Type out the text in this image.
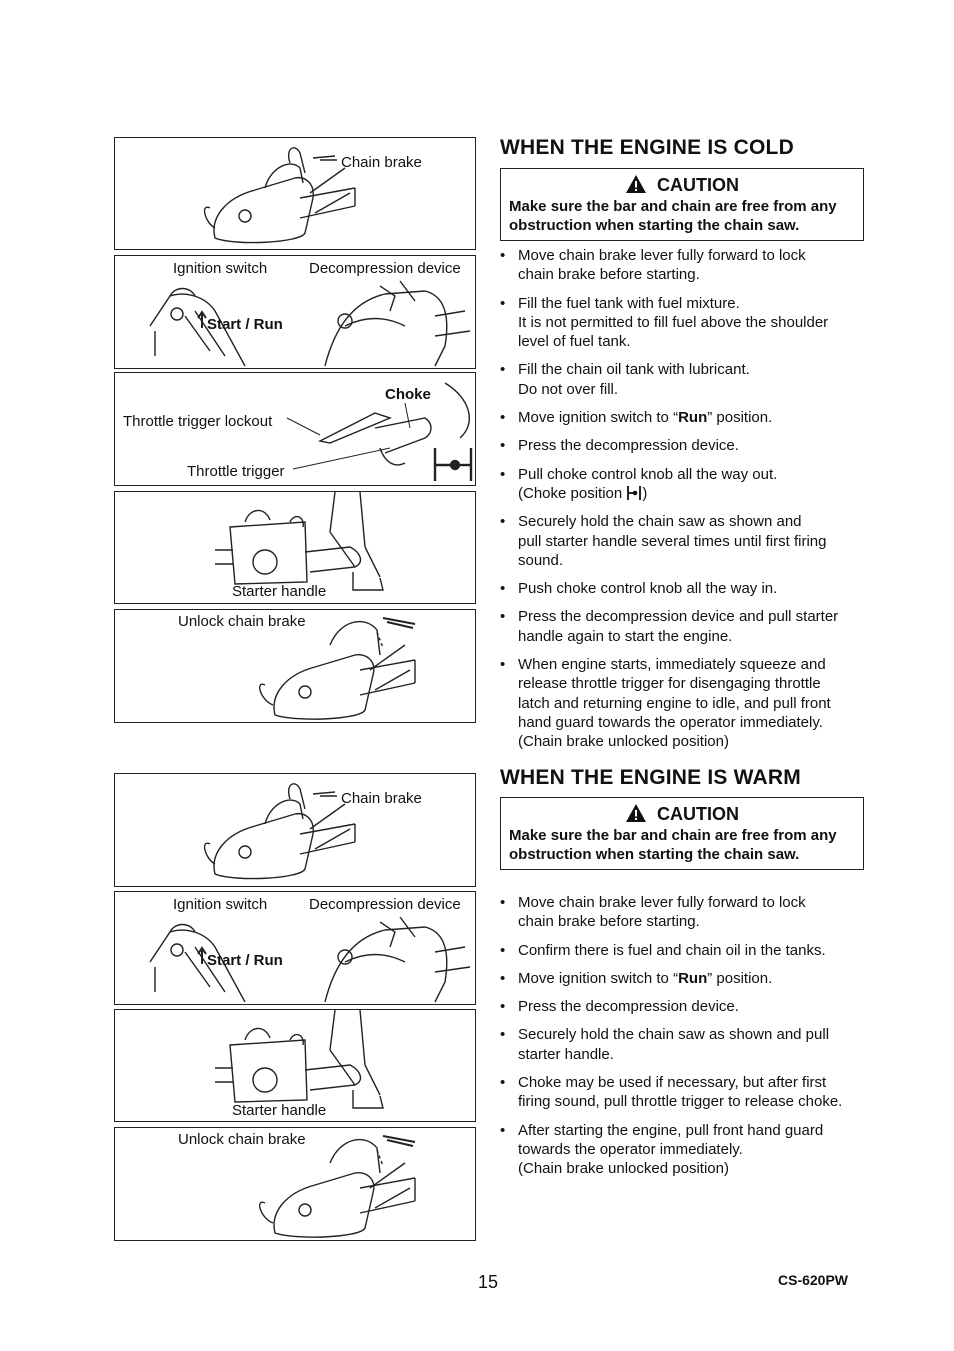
Chain brake
Ignition switch	Decompression device
Start / Run
Choke
Throttle trigger lockout
Throttle trigger
Starter handle
Unlock chain brake
Chain brake
Ignition switch	Decompression device
Start / Run
Starter handle
Unlock chain brake
WHEN THE ENGINE IS COLD
CAUTION
Make sure the bar and chain are free from any obstruction when starting the chain saw.
• Move chain brake lever fully forward to lock
chain brake before starting.
• Fill the fuel tank with fuel mixture.
It is not permitted to fill fuel above the shoulder
level of fuel tank.
• Fill the chain oil tank with lubricant.
Do not over fill.
• Move ignition switch to “Run” position.
• Press the decompression device.
• Pull choke control knob all the way out.
(Choke position )
• Securely hold the chain saw as shown and
pull starter handle several times until first firing
sound.
• Push choke control knob all the way in.
• Press the decompression device and pull starter
handle again to start the engine.
• When engine starts, immediately squeeze and
release throttle trigger for disengaging throttle
latch and returning engine to idle, and pull front
hand guard towards the operator immediately.
(Chain brake unlocked position)
WHEN THE ENGINE IS WARM
CAUTION
Make sure the bar and chain are free from any obstruction when starting the chain saw.
• Move chain brake lever fully forward to lock
chain brake before starting.
• Confirm there is fuel and chain oil in the tanks.
• Move ignition switch to “Run” position.
• Press the decompression device.
• Securely hold the chain saw as shown and pull
starter handle.
• Choke may be used if necessary, but after first
firing sound, pull throttle trigger to release choke.
• After starting the engine, pull front hand guard
towards the operator immediately.
(Chain brake unlocked position)
15	CS-620PW
